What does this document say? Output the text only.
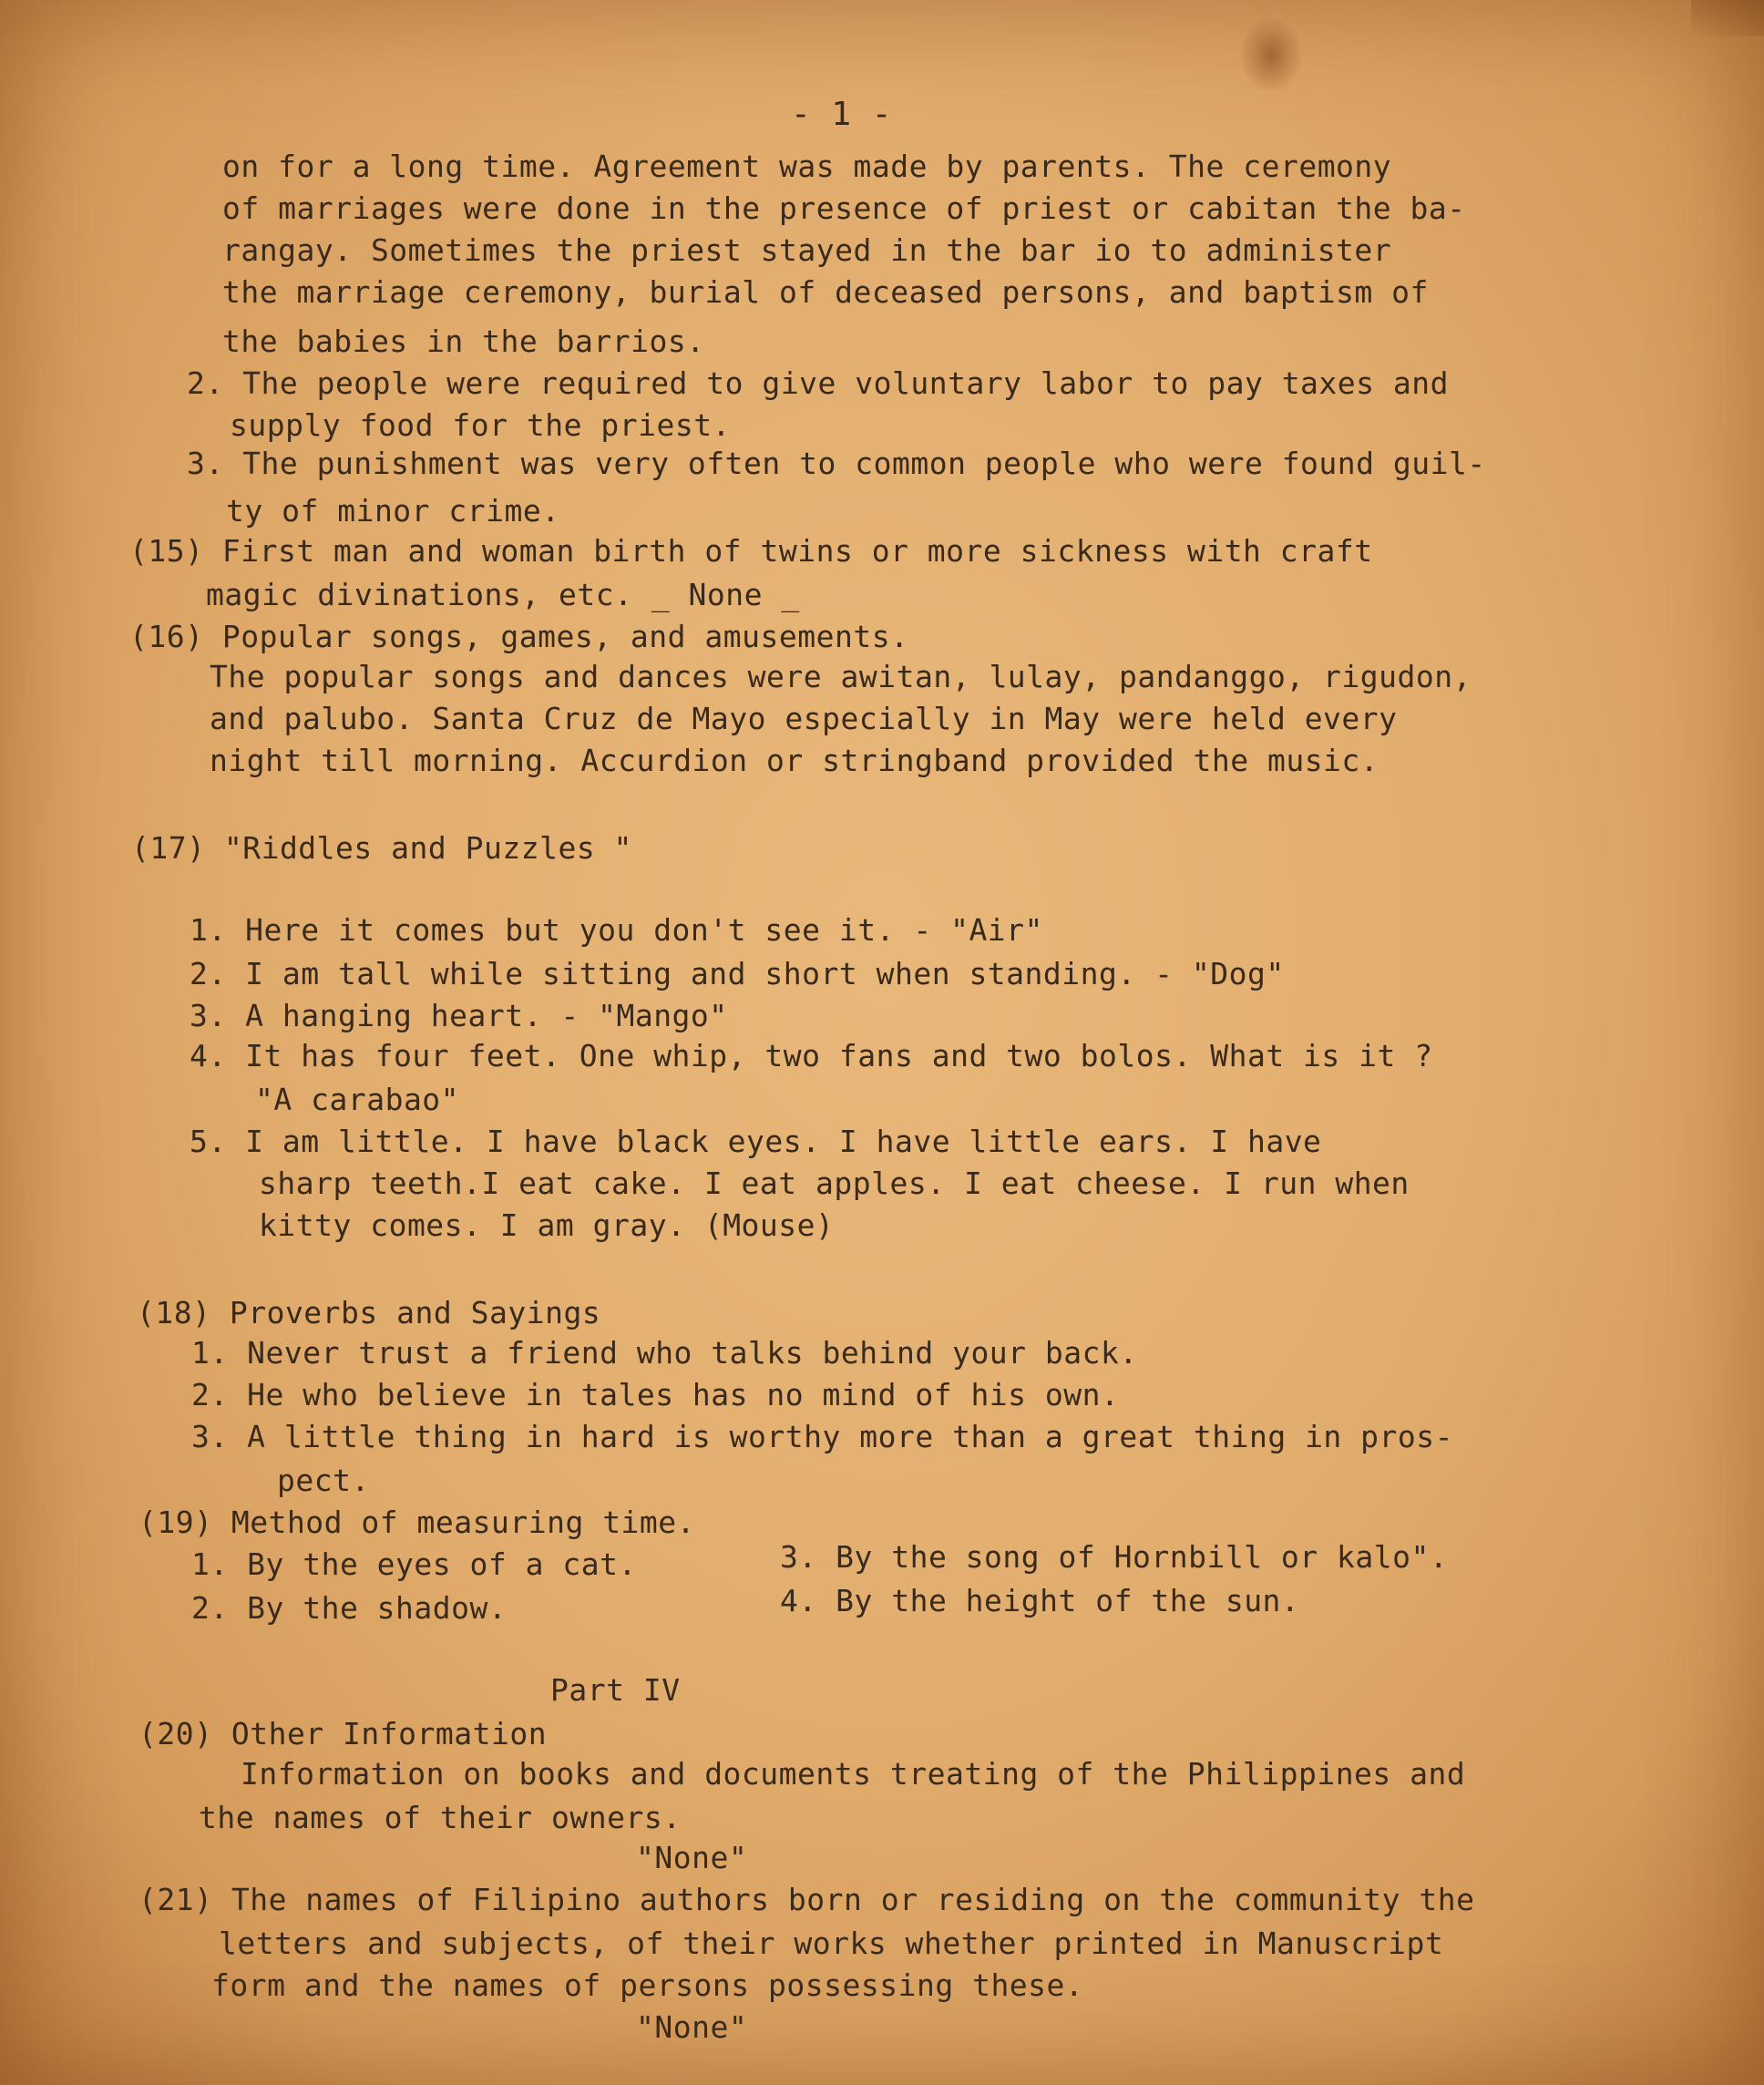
- 1 -
on for a long time. Agreement was made by parents. The ceremony
of marriages were done in the presence of priest or cabitan the ba-
rangay. Sometimes the priest stayed in the bar io to administer
the marriage ceremony, burial of deceased persons, and baptism of
the babies in the barrios.
2. The people were required to give voluntary labor to pay taxes and
supply food for the priest.
3. The punishment was very often to common people who were found guil-
ty of minor crime.
(15) First man and woman birth of twins or more sickness with craft
magic divinations, etc. _ None _
(16) Popular songs, games, and amusements.
The popular songs and dances were awitan, lulay, pandanggo, rigudon,
and palubo. Santa Cruz de Mayo especially in May were held every
night till morning. Accurdion or stringband provided the music.
(17) "Riddles and Puzzles "
1. Here it comes but you don't see it. - "Air"
2. I am tall while sitting and short when standing. - "Dog"
3. A hanging heart. - "Mango"
4. It has four feet. One whip, two fans and two bolos. What is it ?
"A carabao"
5. I am little. I have black eyes. I have little ears. I have
sharp teeth.I eat cake. I eat apples. I eat cheese. I run when
kitty comes. I am gray. (Mouse)
(18) Proverbs and Sayings
1. Never trust a friend who talks behind your back.
2. He who believe in tales has no mind of his own.
3. A little thing in hard is worthy more than a great thing in pros-
pect.
(19) Method of measuring time.
1. By the eyes of a cat.	3. By the song of Hornbill or kalo".
2. By the shadow.	4. By the height of the sun.
Part IV
(20) Other Information
Information on books and documents treating of the Philippines and
the names of their owners.
"None"
(21) The names of Filipino authors born or residing on the community the
letters and subjects, of their works whether printed in Manuscript
form and the names of persons possessing these.
"None"
